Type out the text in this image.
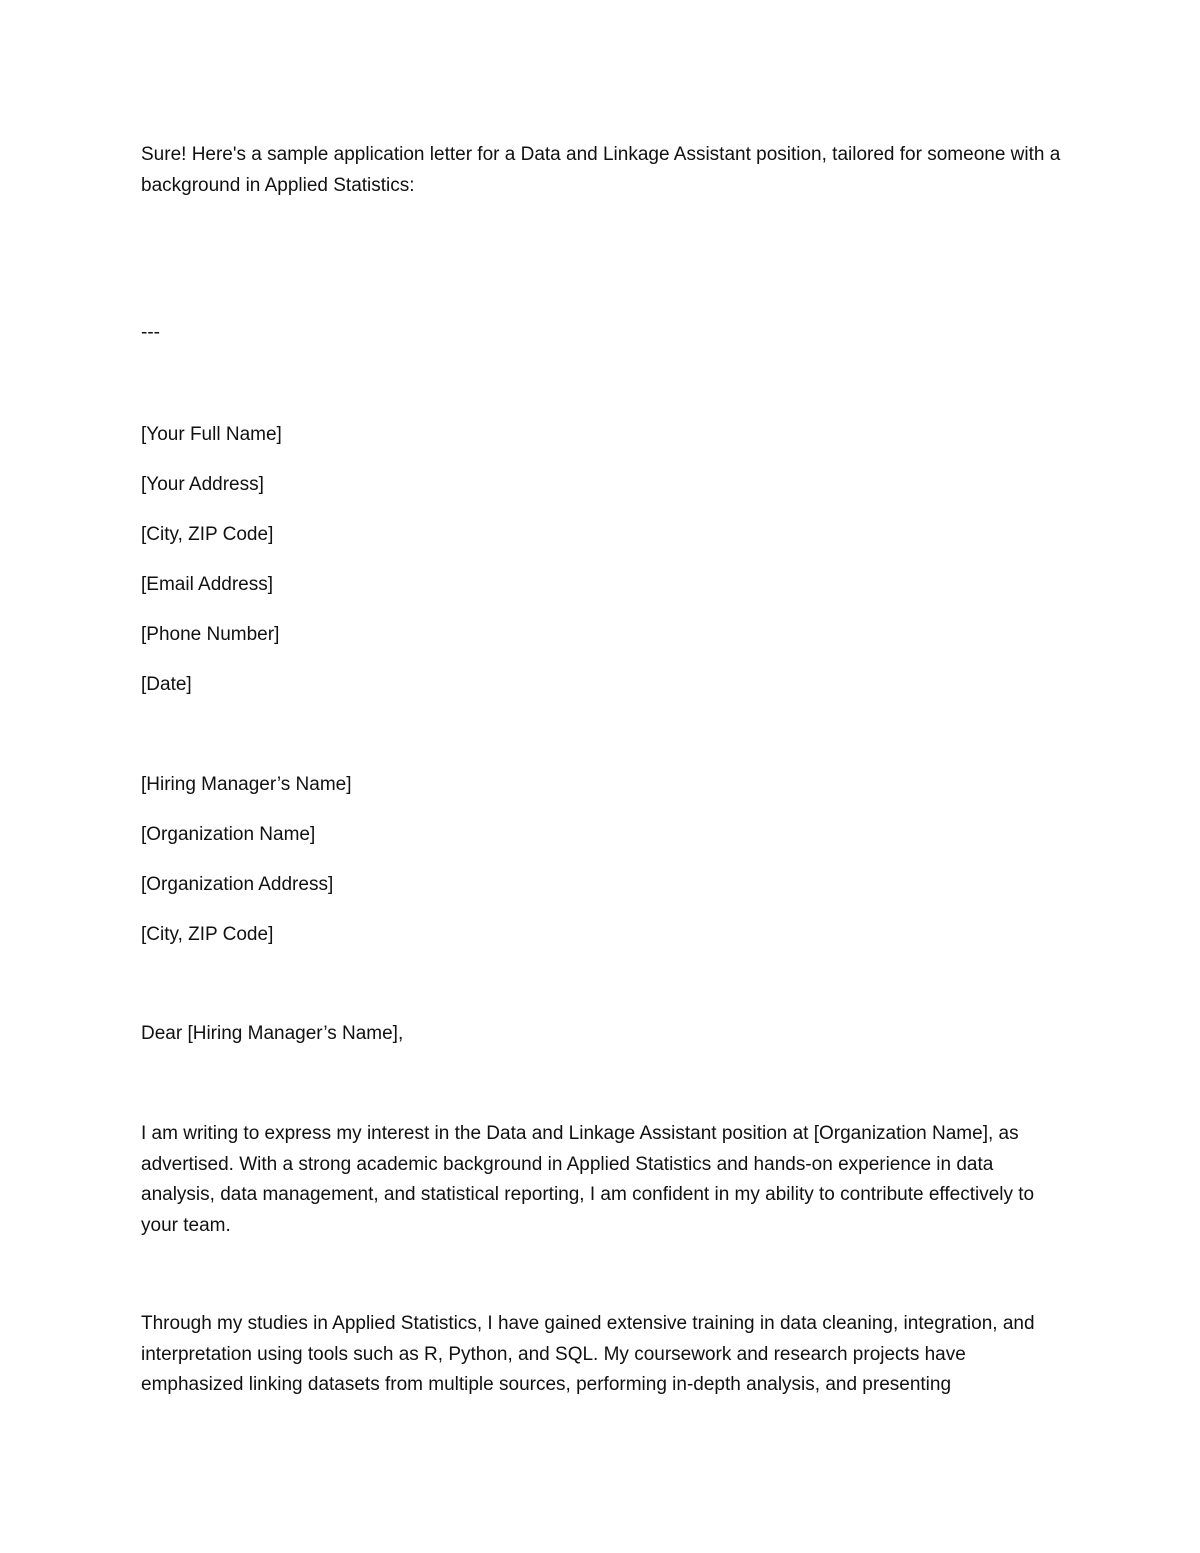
Sure! Here's a sample application letter for a Data and Linkage Assistant position, tailored for someone with a background in Applied Statistics:

---

[Your Full Name]

[Your Address]

[City, ZIP Code]

[Email Address]

[Phone Number]

[Date]

[Hiring Manager’s Name]

[Organization Name]

[Organization Address]

[City, ZIP Code]

Dear [Hiring Manager’s Name],

I am writing to express my interest in the Data and Linkage Assistant position at [Organization Name], as advertised. With a strong academic background in Applied Statistics and hands-on experience in data analysis, data management, and statistical reporting, I am confident in my ability to contribute effectively to your team.

Through my studies in Applied Statistics, I have gained extensive training in data cleaning, integration, and interpretation using tools such as R, Python, and SQL. My coursework and research projects have emphasized linking datasets from multiple sources, performing in-depth analysis, and presenting
